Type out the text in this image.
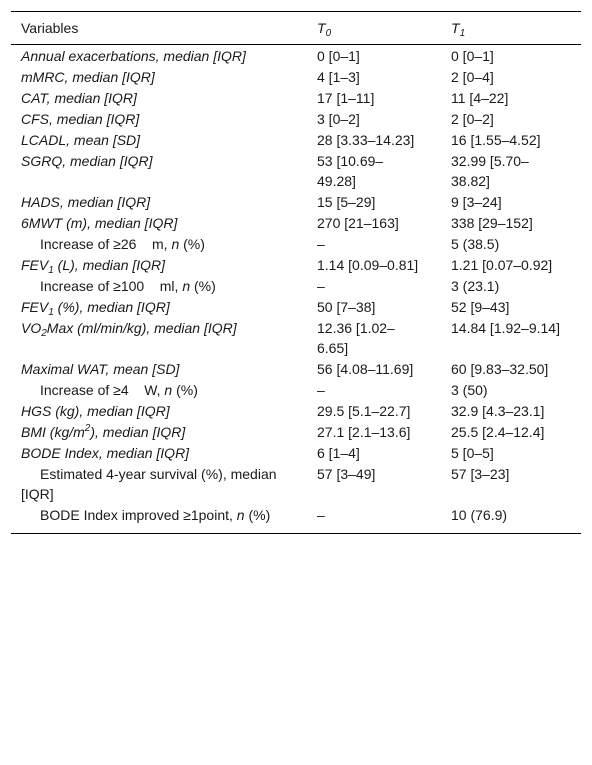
Variables	$T_0$	$T_1$
Annual exacerbations, median [IQR]	0 [0–1]	0 [0–1]
mMRC, median [IQR]	4 [1–3]	2 [0–4]
CAT, median [IQR]	17 [1–11]	11 [4–22]
CFS, median [IQR]	3 [0–2]	2 [0–2]
LCADL, mean [SD]	28 [3.33–14.23]	16 [1.55–4.52]
SGRQ, median [IQR]	53 [10.69–49.28]	32.99 [5.70–38.82]
HADS, median [IQR]	15 [5–29]	9 [3–24]
6MWT (m), median [IQR]	270 [21–163]	338 [29–152]
Increase of ≥26 m, n (%)	–	5 (38.5)
$FEV_1$ (L), median [IQR]	1.14 [0.09–0.81]	1.21 [0.07–0.92]
Increase of ≥100 ml, n (%)	–	3 (23.1)
$FEV_1$ (%), median [IQR]	50 [7–38]	52 [9–43]
$VO_2Max$ (ml/min/kg), median [IQR]	12.36 [1.02–6.65]	14.84 [1.92–9.14]
Maximal WAT, mean [SD]	56 [4.08–11.69]	60 [9.83–32.50]
Increase of ≥4 W, n (%)	–	3 (50)
HGS (kg), median [IQR]	29.5 [5.1–22.7]	32.9 [4.3–23.1]
BMI $(kg/m^2)$, median [IQR]	27.1 [2.1–13.6]	25.5 [2.4–12.4]
BODE Index, median [IQR]	6 [1–4]	5 [0–5]
Estimated 4-year survival (%), median [IQR]	57 [3–49]	57 [3–23]
BODE Index improved ≥1point, n (%)	–	10 (76.9)
